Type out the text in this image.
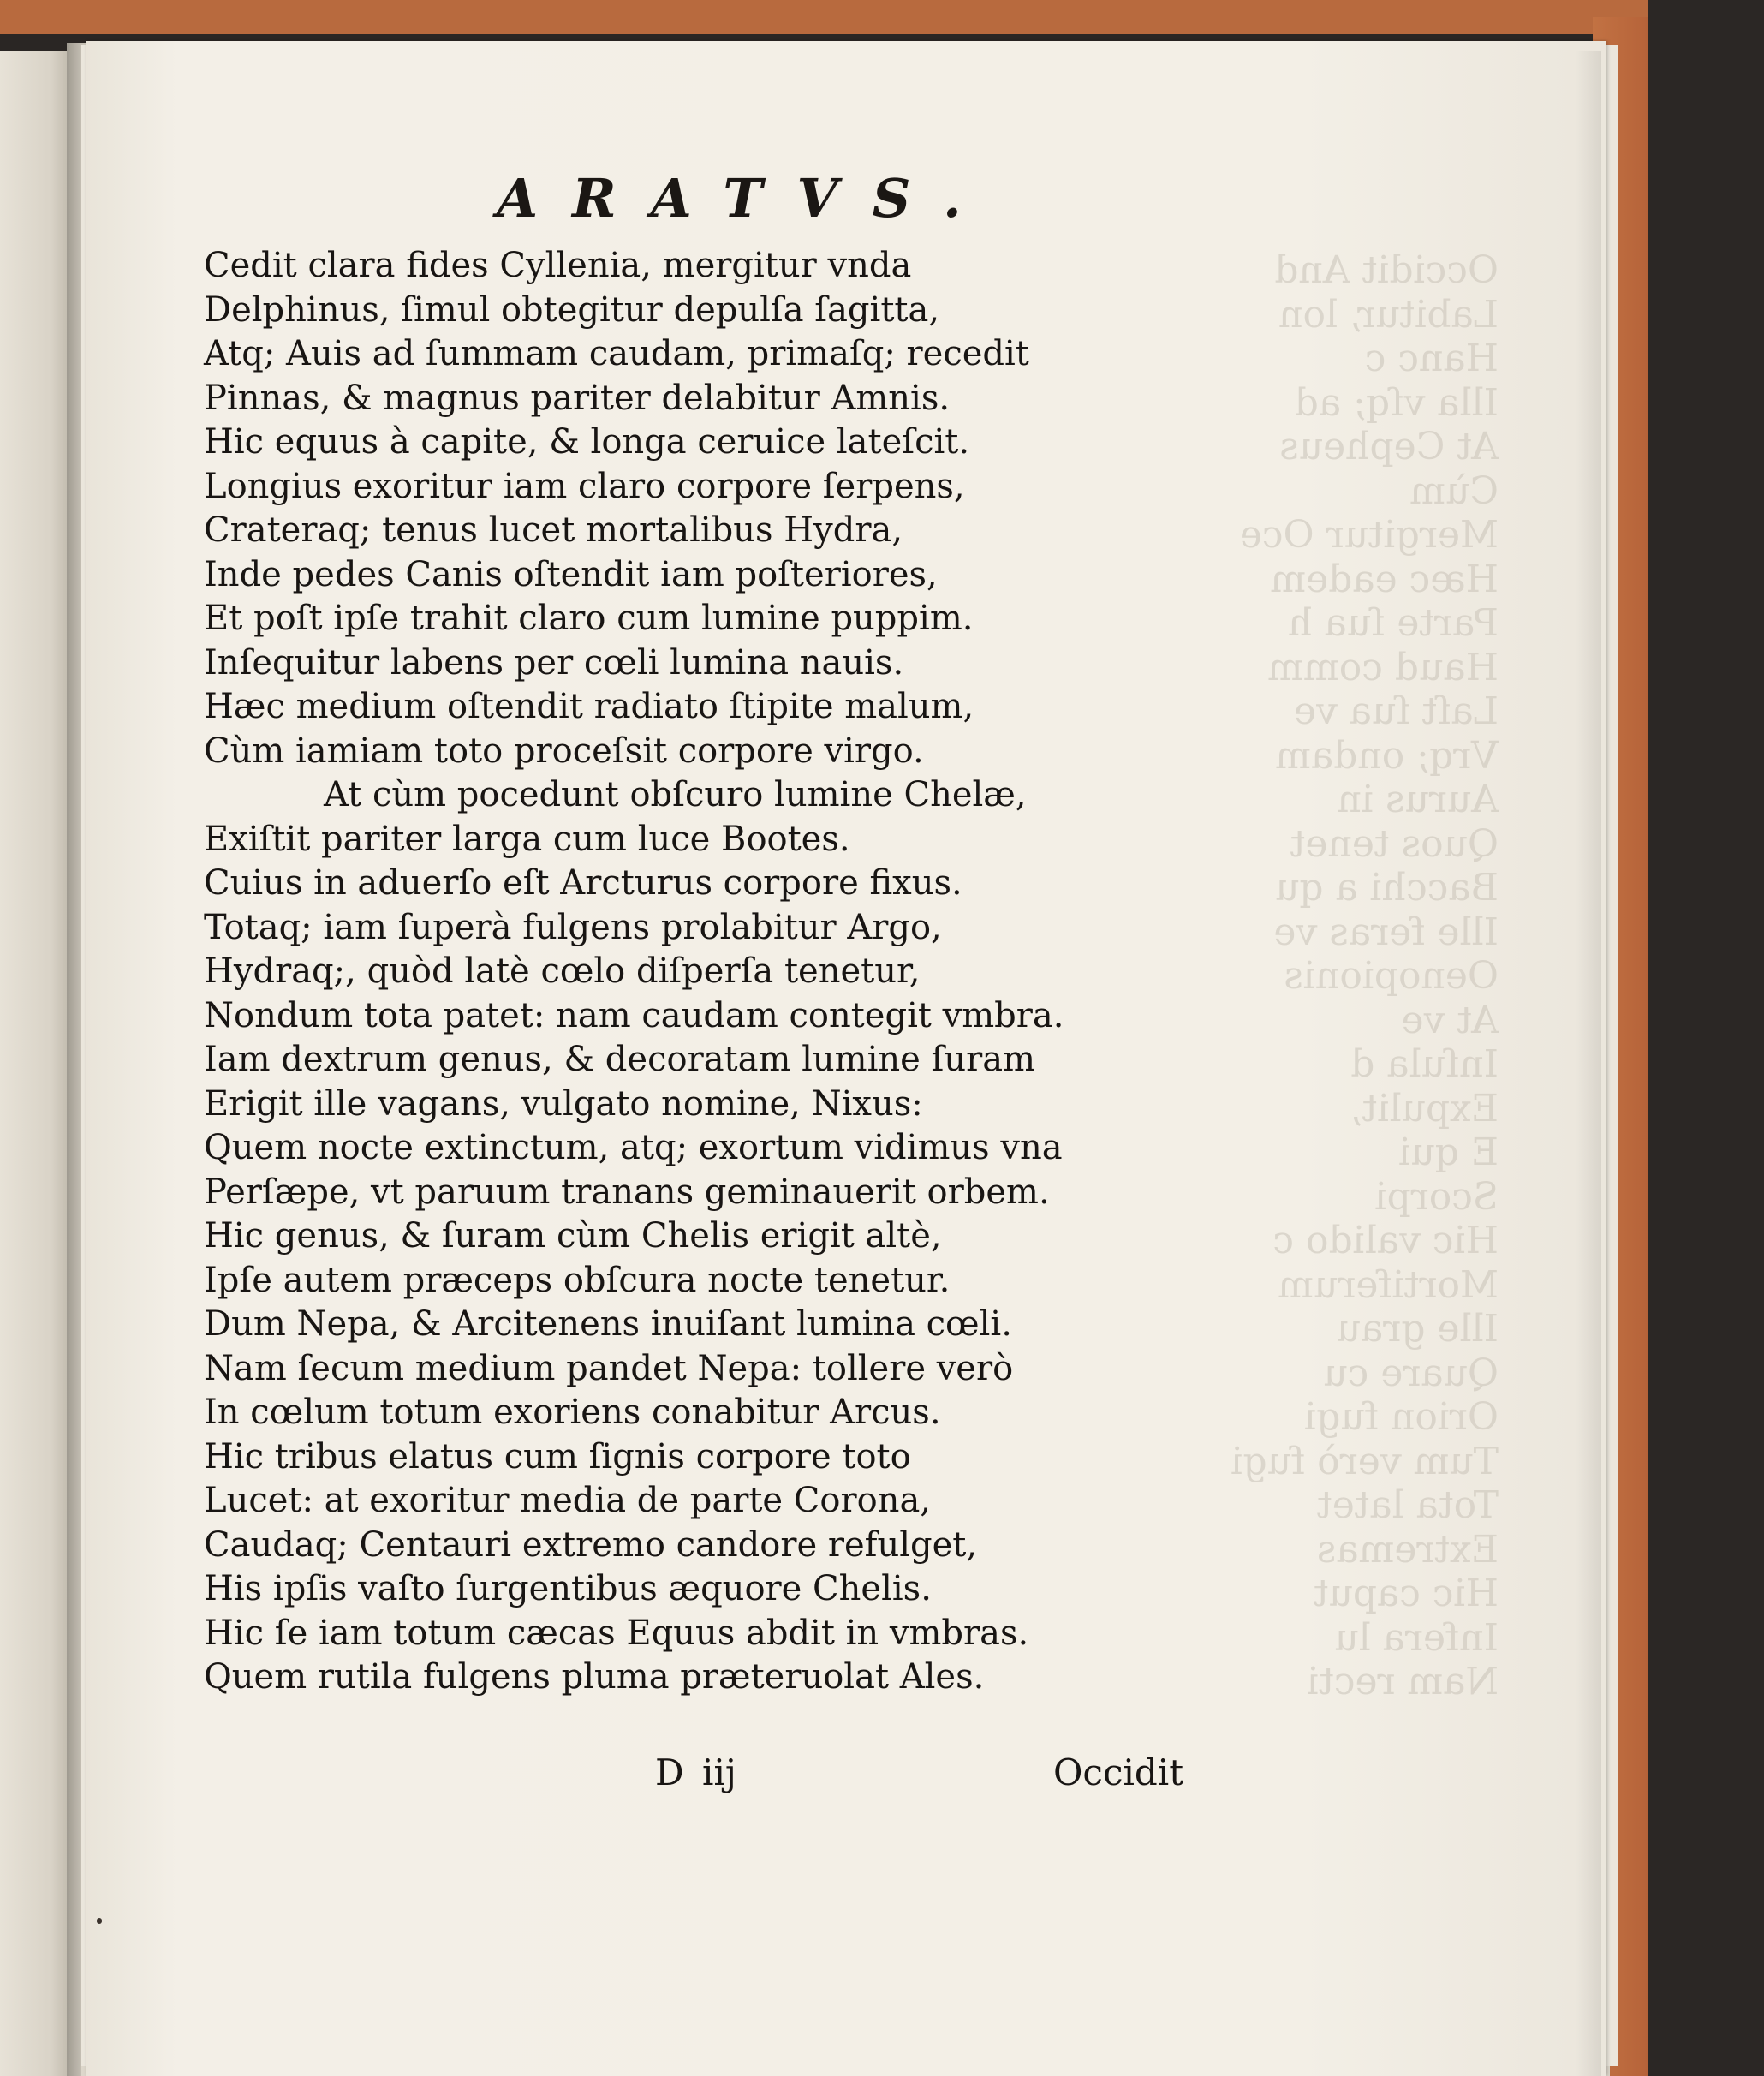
Occidit And
Labitur, lon
Hanc c
Illa vſq; ad
At Cepheus
Cùm
Mergitur Oce
Hæc eadem
Parte ſua h
Haud comm
Laſt ſua ve
Vrq; ondam
Aurus in
Quos tenet
Bacchi a qu
Ille feras ve
Oenopionis
At ve
Inſula d
Expulit,
E qui
Scorpi
Hic valido c
Mortiferum
Ille grau
Quare cu
Orion fugi
Tum verò fugi
Tota latet
Extremas
Hic caput
Infera lu
Nam recti
ARATVS.
Cedit clara fides Cyllenia, mergitur vnda
Delphinus, ſimul obtegitur depulſa ſagitta,
Atq; Auis ad ſummam caudam, primaſq; recedit
Pinnas, & magnus pariter delabitur Amnis.
Hic equus à capite, & longa ceruice lateſcit.
Longius exoritur iam claro corpore ſerpens,
Crateraq; tenus lucet mortalibus Hydra,
Inde pedes Canis oſtendit iam poſteriores,
Et poſt ipſe trahit claro cum lumine puppim.
Inſequitur labens per cœli lumina nauis.
Hæc medium oſtendit radiato ſtipite malum,
Cùm iamiam toto proceſsit corpore virgo.
At cùm pocedunt obſcuro lumine Chelæ,
Exiſtit pariter larga cum luce Bootes.
Cuius in aduerſo eſt Arcturus corpore fixus.
Totaq; iam ſuperà fulgens prolabitur Argo,
Hydraq;, quòd latè cœlo diſperſa tenetur,
Nondum tota patet: nam caudam contegit vmbra.
Iam dextrum genus, & decoratam lumine ſuram
Erigit ille vagans, vulgato nomine, Nixus:
Quem nocte extinctum, atq; exortum vidimus vna
Perſæpe, vt paruum tranans geminauerit orbem.
Hic genus, & ſuram cùm Chelis erigit altè,
Ipſe autem præceps obſcura nocte tenetur.
Dum Nepa, & Arcitenens inuiſant lumina cœli.
Nam ſecum medium pandet Nepa: tollere verò
In cœlum totum exoriens conabitur Arcus.
Hic tribus elatus cum ſignis corpore toto
Lucet: at exoritur media de parte Corona,
Caudaq; Centauri extremo candore refulget,
His ipſis vaſto ſurgentibus æquore Chelis.
Hic ſe iam totum cæcas Equus abdit in vmbras.
Quem rutila fulgens pluma præteruolat Ales.
D iij	Occidit
